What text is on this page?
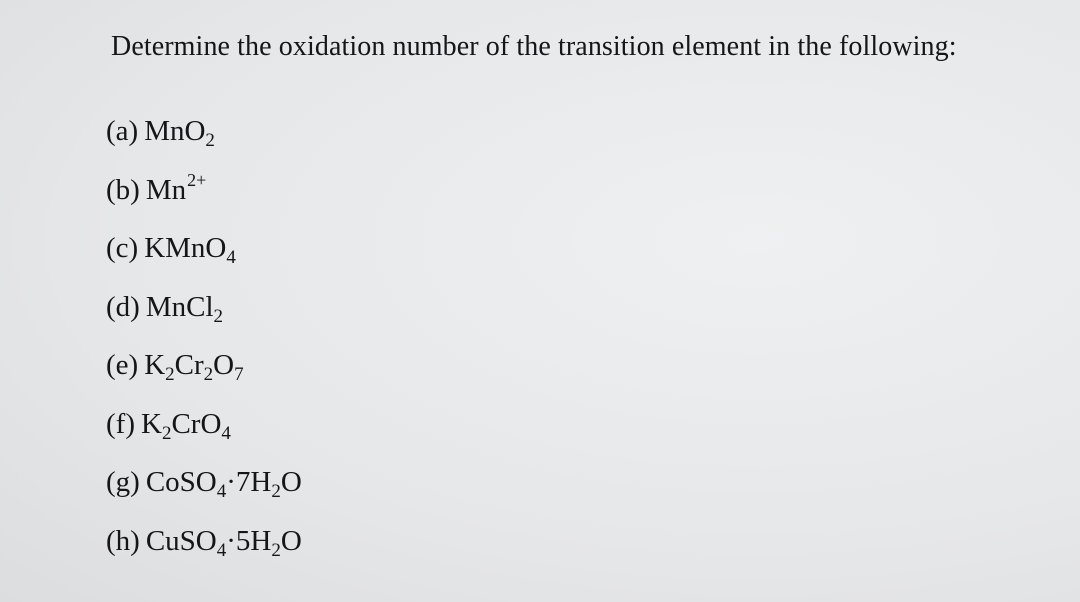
Determine the oxidation number of the transition element in the following:
(a) MnO$_2$
(b) $Mn^{2+}$
(c) KMnO$_4$
(d) MnCl$_2$
(e) $K_2Cr_2O_7$
(f) $K_2CrO_4$
(g) $CoSO_4\cdot 7H_2O$
(h) $CuSO_4\cdot 5H_2O$
